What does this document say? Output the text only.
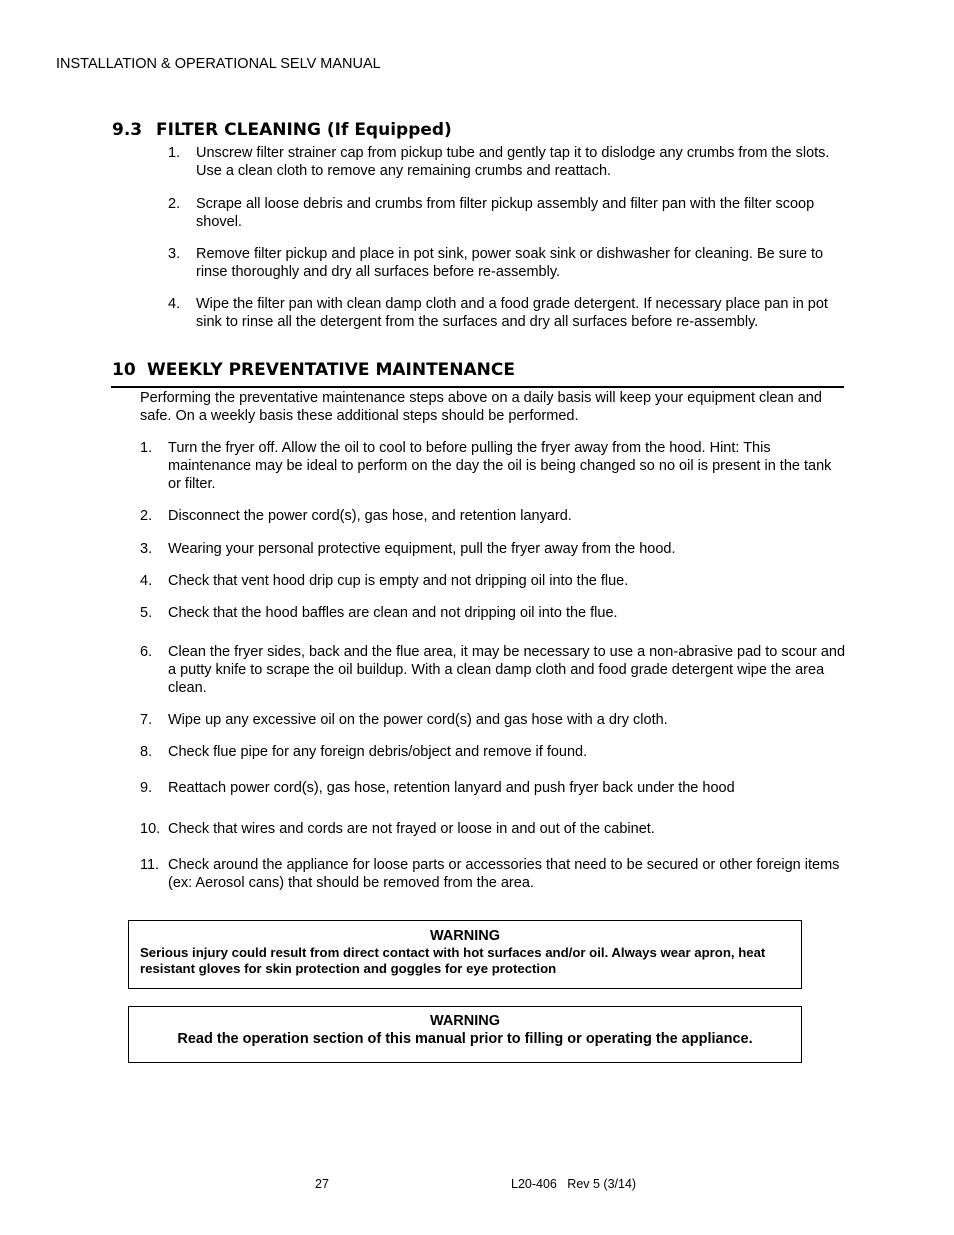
INSTALLATION & OPERATIONAL SELV MANUAL
9.3 FILTER CLEANING (If Equipped)
1. Unscrew filter strainer cap from pickup tube and gently tap it to dislodge any crumbs from the slots. Use a clean cloth to remove any remaining crumbs and reattach.
2. Scrape all loose debris and crumbs from filter pickup assembly and filter pan with the filter scoop shovel.
3. Remove filter pickup and place in pot sink, power soak sink or dishwasher for cleaning. Be sure to rinse thoroughly and dry all surfaces before re-assembly.
4. Wipe the filter pan with clean damp cloth and a food grade detergent. If necessary place pan in pot sink to rinse all the detergent from the surfaces and dry all surfaces before re-assembly.
10 WEEKLY PREVENTATIVE MAINTENANCE
Performing the preventative maintenance steps above on a daily basis will keep your equipment clean and safe. On a weekly basis these additional steps should be performed.
1. Turn the fryer off. Allow the oil to cool to before pulling the fryer away from the hood. Hint: This maintenance may be ideal to perform on the day the oil is being changed so no oil is present in the tank or filter.
2. Disconnect the power cord(s), gas hose, and retention lanyard.
3. Wearing your personal protective equipment, pull the fryer away from the hood.
4. Check that vent hood drip cup is empty and not dripping oil into the flue.
5. Check that the hood baffles are clean and not dripping oil into the flue.
6. Clean the fryer sides, back and the flue area, it may be necessary to use a non-abrasive pad to scour and a putty knife to scrape the oil buildup. With a clean damp cloth and food grade detergent wipe the area clean.
7. Wipe up any excessive oil on the power cord(s) and gas hose with a dry cloth.
8. Check flue pipe for any foreign debris/object and remove if found.
9. Reattach power cord(s), gas hose, retention lanyard and push fryer back under the hood
10. Check that wires and cords are not frayed or loose in and out of the cabinet.
11. Check around the appliance for loose parts or accessories that need to be secured or other foreign items (ex: Aerosol cans) that should be removed from the area.
WARNING
Serious injury could result from direct contact with hot surfaces and/or oil. Always wear apron, heat resistant gloves for skin protection and goggles for eye protection
WARNING
Read the operation section of this manual prior to filling or operating the appliance.
27	L20-406   Rev 5 (3/14)
